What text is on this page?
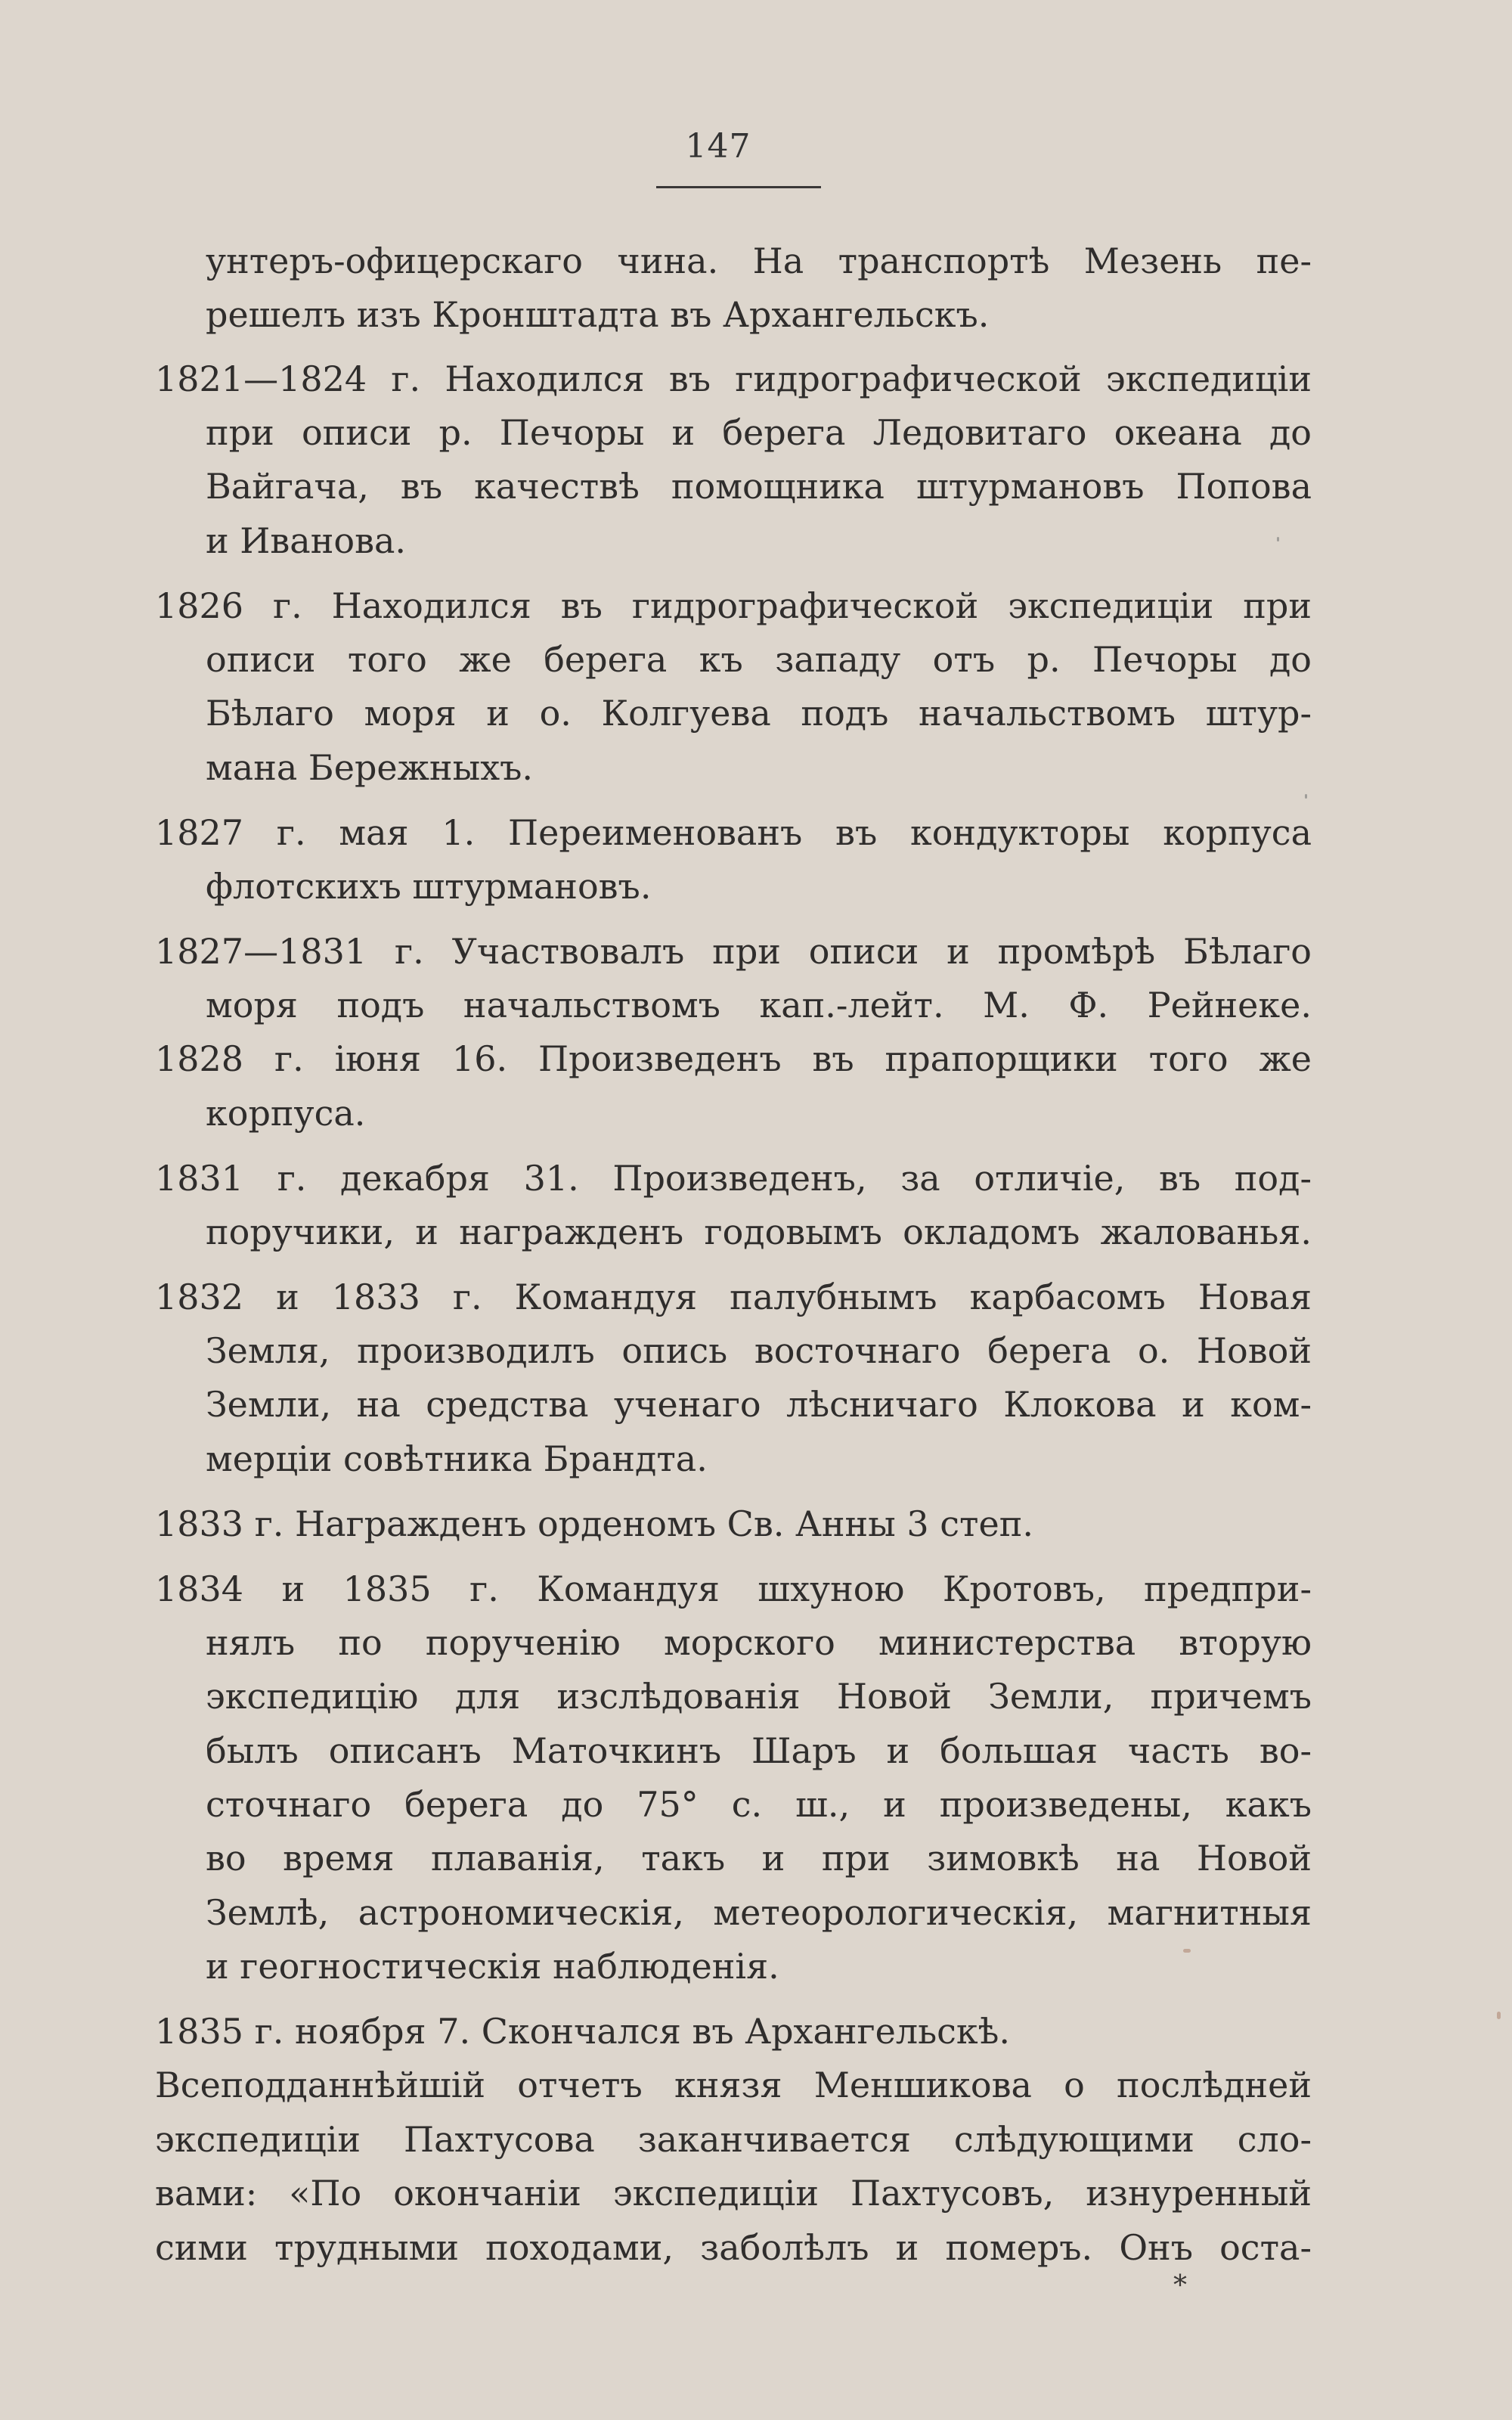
147
унтеръ-офицерскаго чина. На транспортѣ Мезень пе-
решелъ изъ Кронштадта въ Архангельскъ.
1821—1824 г. Находился въ гидрографической экспедиціи
при описи р. Печоры и берега Ледовитаго океана до
Вайгача, въ качествѣ помощника штурмановъ Попова
и Иванова.
1826 г. Находился въ гидрографической экспедиціи при
описи того же берега къ западу отъ р. Печоры до
Бѣлаго моря и о. Колгуева подъ начальствомъ штур-
мана Бережныхъ.
1827 г. мая 1. Переименованъ въ кондукторы корпуса
флотскихъ штурмановъ.
1827—1831 г. Участвовалъ при описи и промѣрѣ Бѣлаго
моря подъ начальствомъ кап.-лейт. М. Ф. Рейнеке.
1828 г. іюня 16. Произведенъ въ прапорщики того же
корпуса.
1831 г. декабря 31. Произведенъ, за отличіе, въ под-
поручики, и награжденъ годовымъ окладомъ жалованья.
1832 и 1833 г. Командуя палубнымъ карбасомъ Новая
Земля, производилъ опись восточнаго берега о. Новой
Земли, на средства ученаго лѣсничаго Клокова и ком-
мерціи совѣтника Брандта.
1833 г. Награжденъ орденомъ Св. Анны 3 степ.
1834 и 1835 г. Командуя шхуною Кротовъ, предпри-
нялъ по порученію морского министерства вторую
экспедицію для изслѣдованія Новой Земли, причемъ
былъ описанъ Маточкинъ Шаръ и большая часть во-
сточнаго берега до 75° с. ш., и произведены, какъ
во время плаванія, такъ и при зимовкѣ на Новой
Землѣ, астрономическія, метеорологическія, магнитныя
и геогностическія наблюденія.
1835 г. ноября 7. Скончался въ Архангельскѣ.
Всеподданнѣйшій отчетъ князя Меншикова о послѣдней
экспедиціи Пахтусова заканчивается слѣдующими сло-
вами: «По окончаніи экспедиціи Пахтусовъ, изнуренный
сими трудными походами, заболѣлъ и померъ. Онъ оста-
*
